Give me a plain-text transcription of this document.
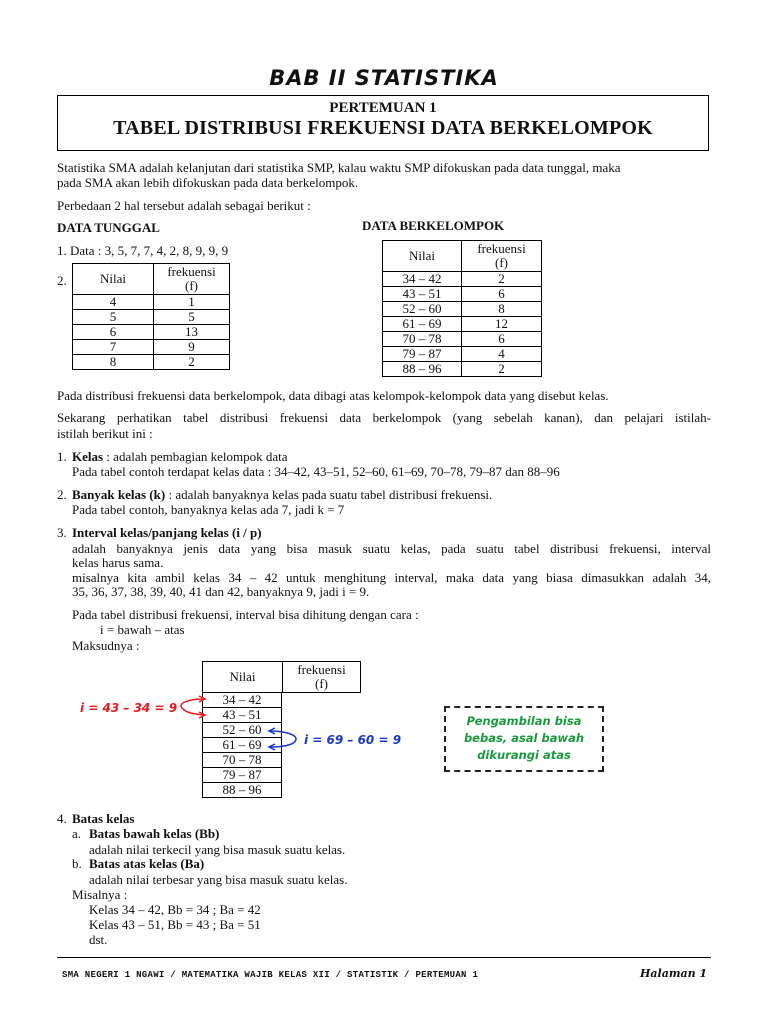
BAB II STATISTIKA
PERTEMUAN 1
TABEL DISTRIBUSI FREKUENSI DATA BERKELOMPOK

Statistika SMA adalah kelanjutan dari statistika SMP, kalau waktu SMP difokuskan pada data tunggal, maka

pada SMA akan lebih difokuskan pada data berkelompok.

Perbedaan 2 hal tersebut adalah sebagai berikut :

DATA TUNGGAL

1. Data : 3, 5, 7, 7, 4, 2, 8, 9, 9, 9

2.	Nilai	frekuensi
(f)

4	1
5	5
6	13
7	9
8	2

DATA BERKELOMPOK

Nilai	frekuensi
(f)

34 – 42	2
43 – 51	6
52 – 60	8
61 – 69	12
70 – 78	6
79 – 87	4
88 – 96	2

Pada distribusi frekuensi data berkelompok, data dibagi atas kelompok-kelompok data yang disebut kelas.

Sekarang perhatikan tabel distribusi frekuensi data berkelompok (yang sebelah kanan), dan pelajari istilah-

istilah berikut ini :

1. Kelas : adalah pembagian kelompok data

Pada tabel contoh terdapat kelas data : 34–42, 43–51, 52–60, 61–69, 70–78, 79–87 dan 88–96

2. Banyak kelas (k) : adalah banyaknya kelas pada suatu tabel distribusi frekuensi.

Pada tabel contoh, banyaknya kelas ada 7, jadi k = 7

3. Interval kelas/panjang kelas (i / p)

adalah banyaknya jenis data yang bisa masuk suatu kelas, pada suatu tabel distribusi frekuensi, interval

kelas harus sama.

misalnya kita ambil kelas 34 – 42 untuk menghitung interval, maka data yang biasa dimasukkan adalah 34,

35, 36, 37, 38, 39, 40, 41 dan 42, banyaknya 9, jadi i = 9.

Pada tabel distribusi frekuensi, interval bisa dihitung dengan cara :

i = bawah – atas

Maksudnya :

Nilai	frekuensi
(f)
34 – 42
43 – 51
52 – 60
61 – 69
70 – 78
79 – 87
88 – 96
i = 43 – 34 = 9
i = 69 – 60 = 9
Pengambilan bisa
bebas, asal bawah
dikurangi atas

4. Batas kelas

a. Batas bawah kelas (Bb)

adalah nilai terkecil yang bisa masuk suatu kelas.

b. Batas atas kelas (Ba)

adalah nilai terbesar yang bisa masuk suatu kelas.

Misalnya :

Kelas 34 – 42, Bb = 34 ; Ba = 42

Kelas 43 – 51, Bb = 43 ; Ba = 51

dst.

SMA NEGERI 1 NGAWI / MATEMATIKA WAJIB KELAS XII / STATISTIK / PERTEMUAN 1	Halaman 1
